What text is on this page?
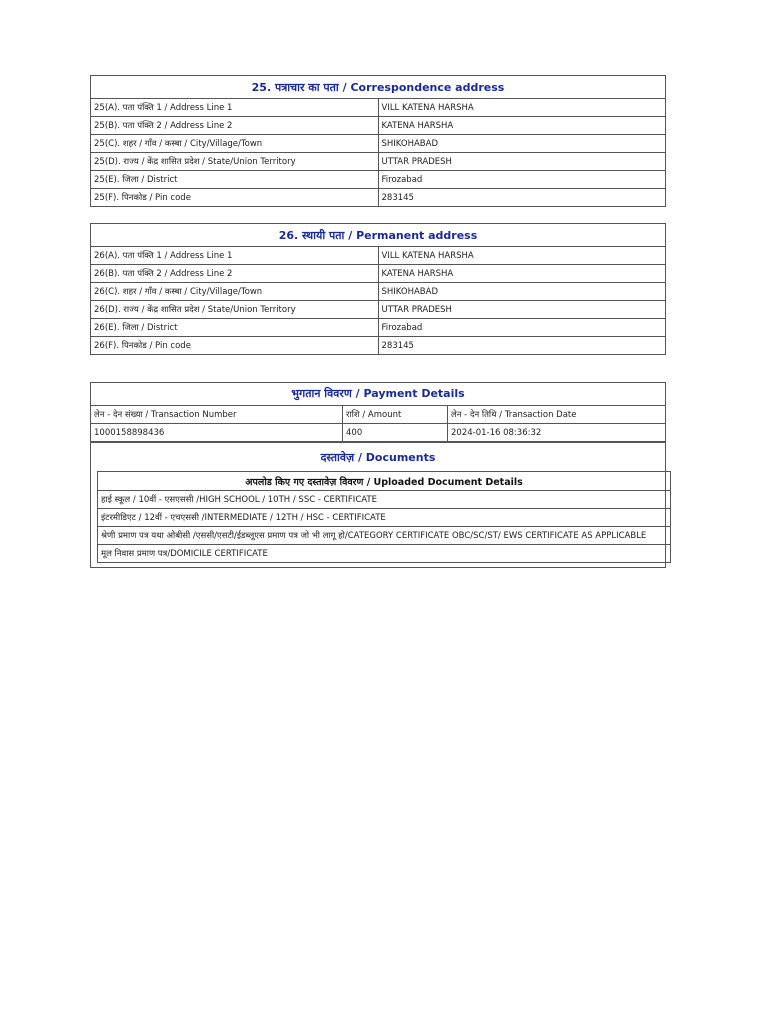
25. पत्राचार का पता / Correspondence address	
25(A). पता पंक्ति 1 / Address Line 1	VILL KATENA HARSHA
25(B). पता पंक्ति 2 / Address Line 2	KATENA HARSHA
25(C). शहर / गाँव / कस्बा / City/Village/Town	SHIKOHABAD
25(D). राज्य / केंद्र शासित प्रदेश / State/Union Territory	UTTAR PRADESH
25(E). जिला / District	Firozabad
25(F). पिनकोड / Pin code	283145
26. स्थायी पता / Permanent address	
26(A). पता पंक्ति 1 / Address Line 1	VILL KATENA HARSHA
26(B). पता पंक्ति 2 / Address Line 2	KATENA HARSHA
26(C). शहर / गाँव / कस्बा / City/Village/Town	SHIKOHABAD
26(D). राज्य / केंद्र शासित प्रदेश / State/Union Territory	UTTAR PRADESH
26(E). जिला / District	Firozabad
26(F). पिनकोड / Pin code	283145
भुगतान विवरण / Payment Details
लेन - देन संख्या / Transaction Number	राशि / Amount	लेन - देन तिथि / Transaction Date
1000158898436	400	2024-01-16 08:36:32
दस्तावेज़ / Documents
अपलोड किए गए दस्तावेज़ विवरण / Uploaded Document Details
हाई स्कूल / 10वीं - एसएससी /HIGH SCHOOL / 10TH / SSC - CERTIFICATE
इंटरमीडिएट / 12वीं - एचएससी /INTERMEDIATE / 12TH / HSC - CERTIFICATE
श्रेणी प्रमाण पत्र यथा ओबीसी /एससी/एसटी/ईडब्लूएस प्रमाण पत्र जो भी लागू हो/CATEGORY CERTIFICATE OBC/SC/ST/ EWS CERTIFICATE AS APPLICABLE
मूल निवास प्रमाण पत्र/DOMICILE CERTIFICATE
